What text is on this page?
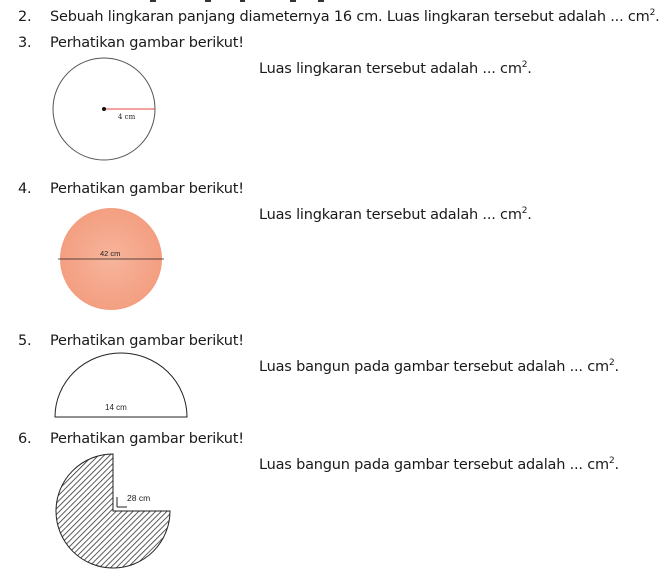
2. Sebuah lingkaran panjang diameternya 16 cm. Luas lingkaran tersebut adalah ... $cm^2$.
3. Perhatikan gambar berikut!
Luas lingkaran tersebut adalah ... $cm^2$.
4 cm
4. Perhatikan gambar berikut!
Luas lingkaran tersebut adalah ... $cm^2$.
42 cm
5. Perhatikan gambar berikut!
Luas bangun pada gambar tersebut adalah ... $cm^2$.
14 cm
6. Perhatikan gambar berikut!
Luas bangun pada gambar tersebut adalah ... $cm^2$.
28 cm
